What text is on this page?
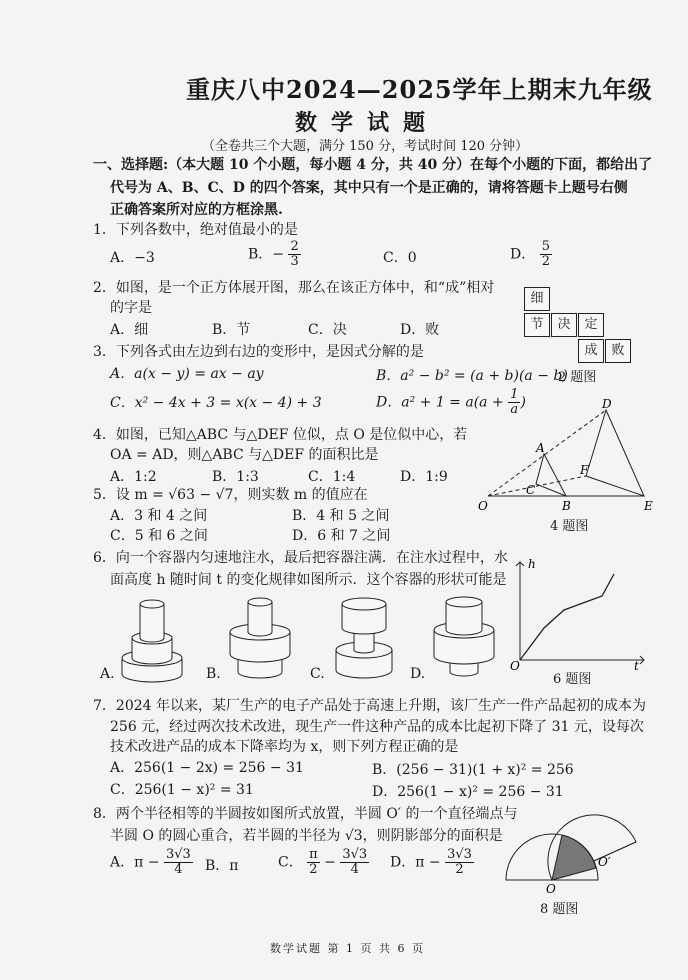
重庆八中2024—2025学年上期末九年级
数学试题
（全卷共三个大题，满分 150 分，考试时间 120 分钟）
一、选择题:（本大题 10 个小题，每小题 4 分，共 40 分）在每个小题的下面，都给出了
代号为 A、B、C、D 的四个答案，其中只有一个是正确的，请将答题卡上题号右侧
正确答案所对应的方框涂黑.
1．下列各数中，绝对值最小的是
A．−3	B．− $\frac{2}{3}$	C．0	D． $\frac{5}{2}$
2．如图，是一个正方体展开图，那么在该正方体中，和“成”相对
的字是
A．细	B．节	C．决	D．败
细
节	决	定
成	败
2 题图
3．下列各式由左边到右边的变形中，是因式分解的是
A．a(x − y) = ax − ay	B．a² − b² = (a + b)(a − b)
C．x² − 4x + 3 = x(x − 4) + 3	D．$a^2 + 1 = a(a + \frac{1}{a}$ )
4．如图，已知△ABC 与△DEF 位似，点 O 是位似中心，若
OA = AD，则△ABC 与△DEF 的面积比是
A．1:2	B．1:3	C．1:4	D．1:9
O
A
B
C
D
E
F
4 题图
5．设 m = √63 − √7，则实数 m 的值应在
A．3 和 4 之间	B．4 和 5 之间
C．5 和 6 之间	D．6 和 7 之间
6．向一个容器内匀速地注水，最后把容器注满．在注水过程中，水
面高度 h 随时间 t 的变化规律如图所示．这个容器的形状可能是
A.	B.	C.	D.
h
t
O
6 题图
7．2024 年以来，某厂生产的电子产品处于高速上升期，该厂生产一件产品起初的成本为
256 元，经过两次技术改进，现生产一件这种产品的成本比起初下降了 31 元，设每次
技术改进产品的成本下降率均为 x，则下列方程正确的是
A．256(1 − 2x) = 256 − 31	B．(256 − 31)(1 + x)² = 256
C．256(1 − x)² = 31	D．256(1 − x)² = 256 − 31
8．两个半径相等的半圆按如图所式放置，半圆 O′ 的一个直径端点与
半圆 O 的圆心重合，若半圆的半径为 √3，则阴影部分的面积是
A．$\pi - \frac{3√3}{4}$ B．π	C． $\frac{\pi}{2} - \frac{3√3}{4}$ D．$\pi - \frac{3√3}{2}$
O
O′
8 题图
数学试题 第 1 页 共 6 页
